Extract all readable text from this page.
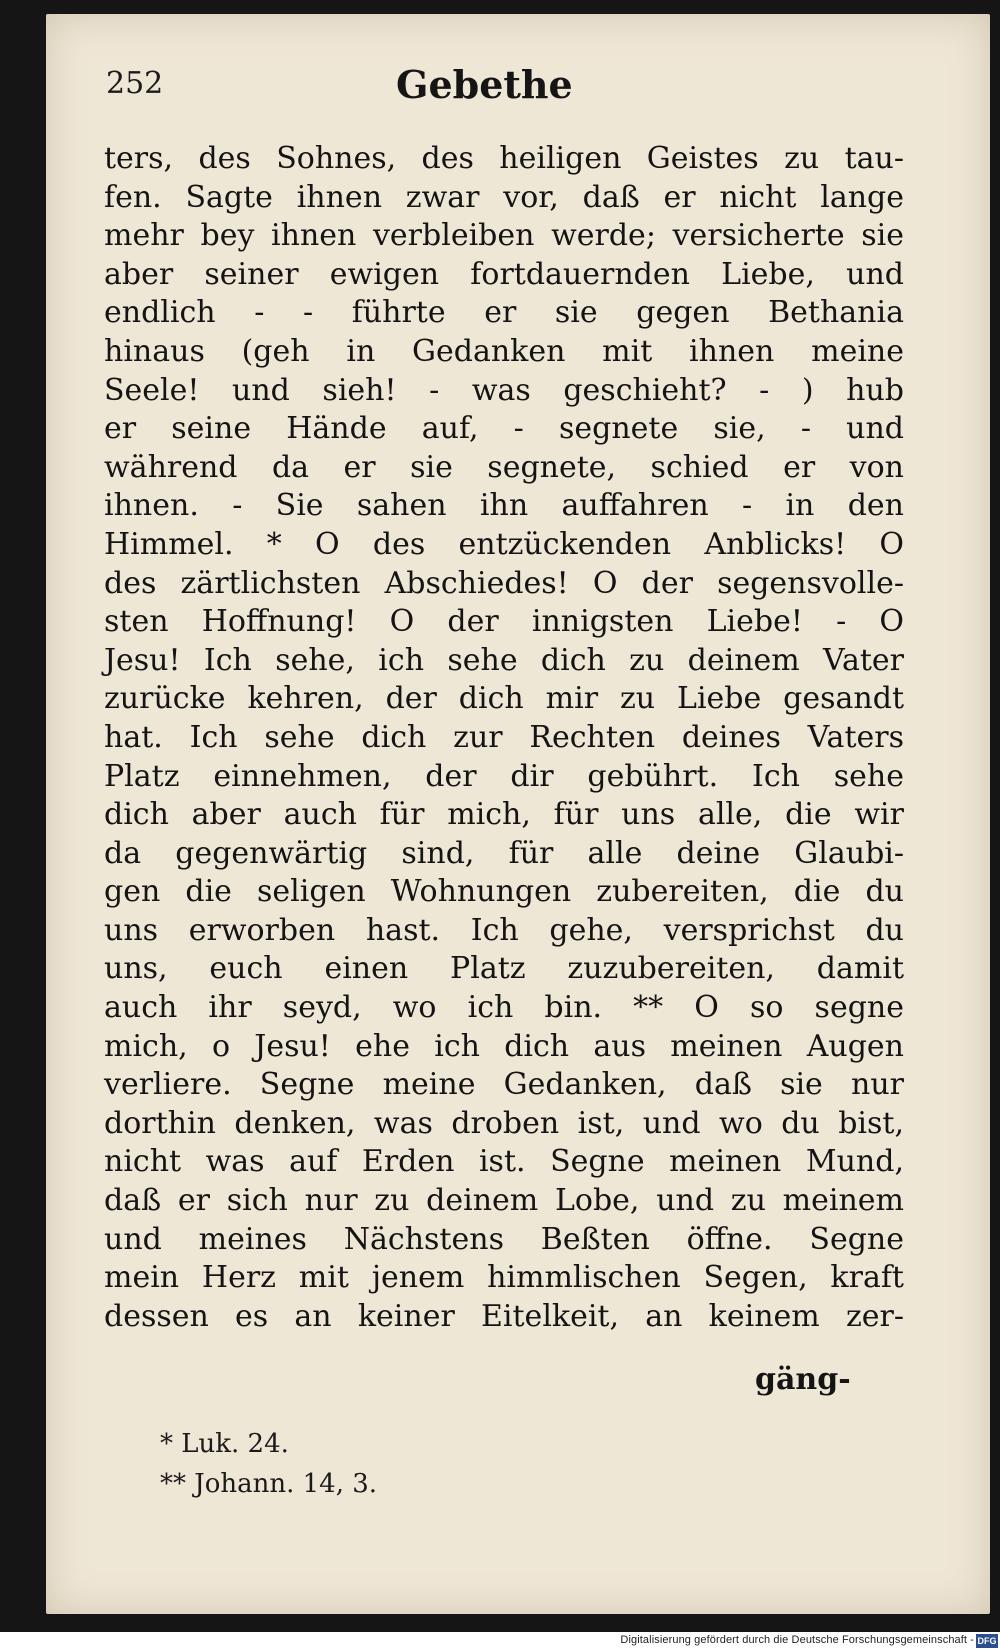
252	Gebethe
ters, des Sohnes, des heiligen Geistes zu tau-
fen. Sagte ihnen zwar vor, daß er nicht lange
mehr bey ihnen verbleiben werde; versicherte sie
aber seiner ewigen fortdauernden Liebe, und
endlich - - führte er sie gegen Bethania
hinaus (geh in Gedanken mit ihnen meine
Seele! und sieh! - was geschieht? - ) hub
er seine Hände auf, - segnete sie, - und
während da er sie segnete, schied er von
ihnen. - Sie sahen ihn auffahren - in den
Himmel. * O des entzückenden Anblicks! O
des zärtlichsten Abschiedes! O der segensvolle-
sten Hoffnung! O der innigsten Liebe! - O
Jesu! Ich sehe, ich sehe dich zu deinem Vater
zurücke kehren, der dich mir zu Liebe gesandt
hat. Ich sehe dich zur Rechten deines Vaters
Platz einnehmen, der dir gebührt. Ich sehe
dich aber auch für mich, für uns alle, die wir
da gegenwärtig sind, für alle deine Glaubi-
gen die seligen Wohnungen zubereiten, die du
uns erworben hast. Ich gehe, versprichst du
uns, euch einen Platz zuzubereiten, damit
auch ihr seyd, wo ich bin. ** O so segne
mich, o Jesu! ehe ich dich aus meinen Augen
verliere. Segne meine Gedanken, daß sie nur
dorthin denken, was droben ist, und wo du bist,
nicht was auf Erden ist. Segne meinen Mund,
daß er sich nur zu deinem Lobe, und zu meinem
und meines Nächstens Beßten öffne. Segne
mein Herz mit jenem himmlischen Segen, kraft
dessen es an keiner Eitelkeit, an keinem zer-
gäng-
* Luk. 24.
** Johann. 14, 3.
Digitalisierung gefördert durch die Deutsche Forschungsgemeinschaft - DFG
